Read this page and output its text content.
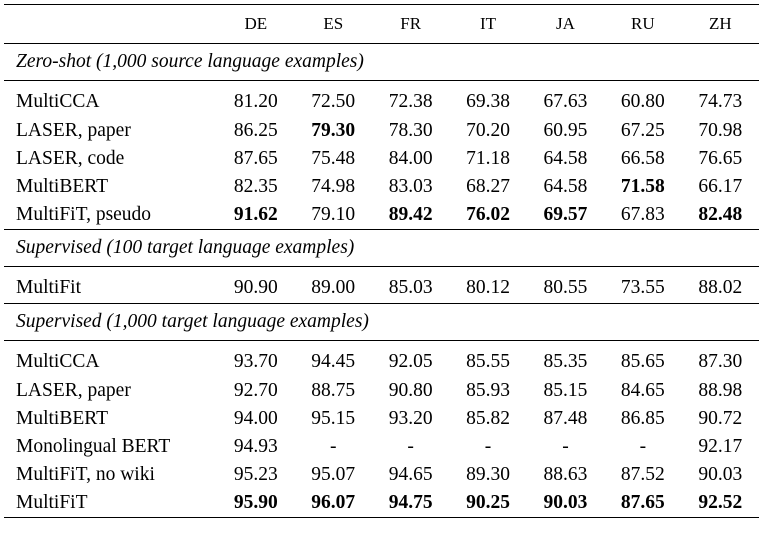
	DE	ES	FR	IT	JA	RU	ZH
Zero-shot (1,000 source language examples)							
MultiCCA	81.20	72.50	72.38	69.38	67.63	60.80	74.73
LASER, paper	86.25	79.30	78.30	70.20	60.95	67.25	70.98
LASER, code	87.65	75.48	84.00	71.18	64.58	66.58	76.65
MultiBERT	82.35	74.98	83.03	68.27	64.58	71.58	66.17
MultiFiT, pseudo	91.62	79.10	89.42	76.02	69.57	67.83	82.48
Supervised (100 target language examples)							
MultiFit	90.90	89.00	85.03	80.12	80.55	73.55	88.02
Supervised (1,000 target language examples)							
MultiCCA	93.70	94.45	92.05	85.55	85.35	85.65	87.30
LASER, paper	92.70	88.75	90.80	85.93	85.15	84.65	88.98
MultiBERT	94.00	95.15	93.20	85.82	87.48	86.85	90.72
Monolingual BERT	94.93	-	-	-	-	-	92.17
MultiFiT, no wiki	95.23	95.07	94.65	89.30	88.63	87.52	90.03
MultiFiT	95.90	96.07	94.75	90.25	90.03	87.65	92.52
